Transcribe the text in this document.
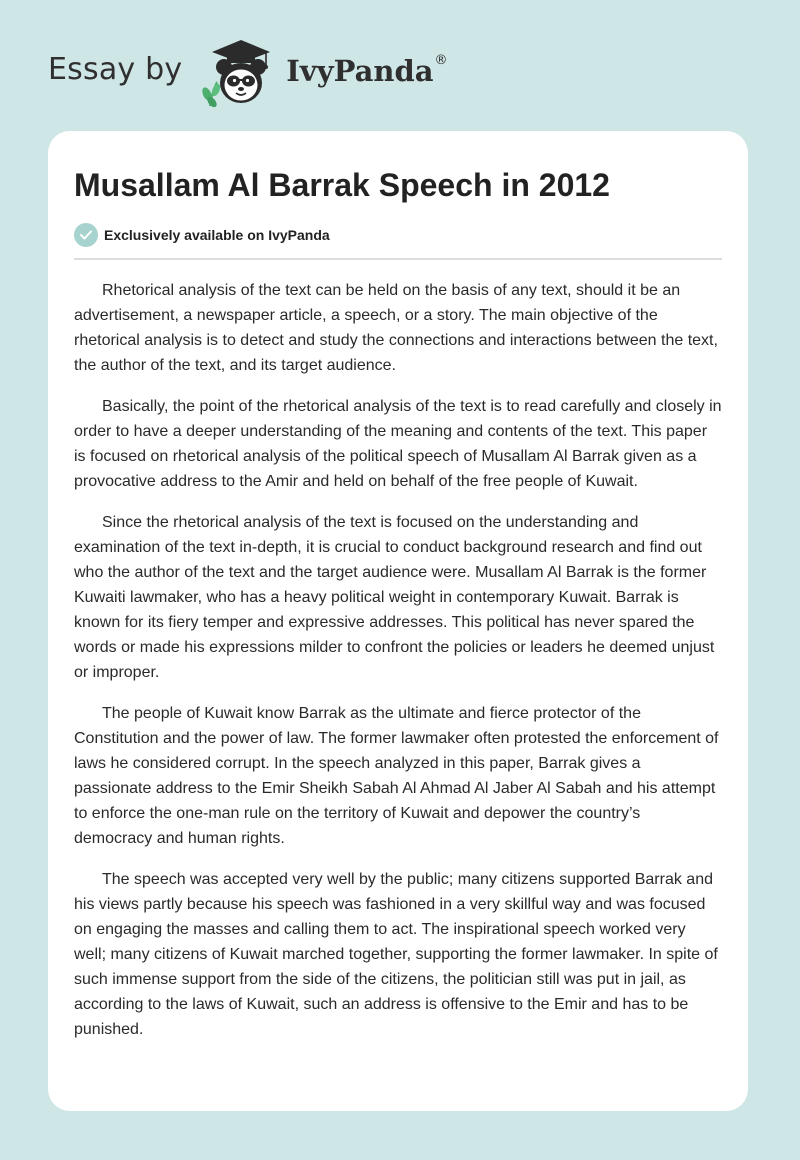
Essay by	IvyPanda ®
Musallam Al Barrak Speech in 2012
Exclusively available on IvyPanda

Rhetorical analysis of the text can be held on the basis of any text, should it be an advertisement, a newspaper article, a speech, or a story. The main objective of the rhetorical analysis is to detect and study the connections and interactions between the text, the author of the text, and its target audience.

Basically, the point of the rhetorical analysis of the text is to read carefully and closely in order to have a deeper understanding of the meaning and contents of the text. This paper is focused on rhetorical analysis of the political speech of Musallam Al Barrak given as a provocative address to the Amir and held on behalf of the free people of Kuwait.

Since the rhetorical analysis of the text is focused on the understanding and examination of the text in-depth, it is crucial to conduct background research and find out who the author of the text and the target audience were. Musallam Al Barrak is the former Kuwaiti lawmaker, who has a heavy political weight in contemporary Kuwait. Barrak is known for its fiery temper and expressive addresses. This political has never spared the words or made his expressions milder to confront the policies or leaders he deemed unjust or improper.

The people of Kuwait know Barrak as the ultimate and fierce protector of the Constitution and the power of law. The former lawmaker often protested the enforcement of laws he considered corrupt. In the speech analyzed in this paper, Barrak gives a passionate address to the Emir Sheikh Sabah Al Ahmad Al Jaber Al Sabah and his attempt to enforce the one-man rule on the territory of Kuwait and depower the country’s democracy and human rights.

The speech was accepted very well by the public; many citizens supported Barrak and his views partly because his speech was fashioned in a very skillful way and was focused on engaging the masses and calling them to act. The inspirational speech worked very well; many citizens of Kuwait marched together, supporting the former lawmaker. In spite of such immense support from the side of the citizens, the politician still was put in jail, as according to the laws of Kuwait, such an address is offensive to the Emir and has to be punished.
